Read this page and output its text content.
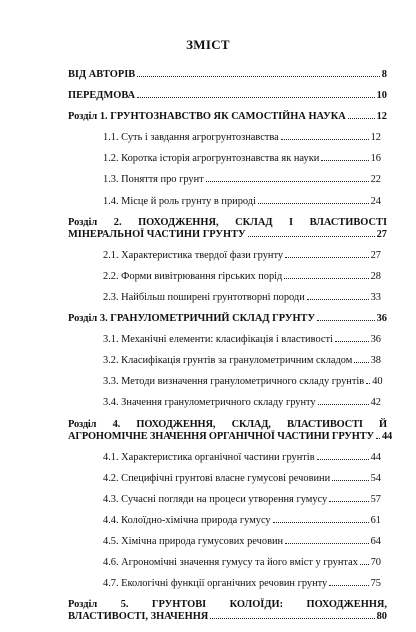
ЗМІСТ
ВІД АВТОРІВ	8
ПЕРЕДМОВА	10
Розділ 1. ГРУНТОЗНАВСТВО ЯК САМОСТІЙНА НАУКА	12
1.1. Суть і завдання агрогрунтознавства	12
1.2. Коротка історія агрогрунтознавства як науки	16
1.3. Поняття про грунт	22
1.4. Місце й роль грунту в природі	24
Розділ 2. ПОХОДЖЕННЯ, СКЛАД І ВЛАСТИВОСТІ
МІНЕРАЛЬНОЇ ЧАСТИНИ ГРУНТУ	27
2.1. Характеристика твердої фази грунту	27
2.2. Форми вивітрювання гірських порід	28
2.3. Найбільш поширені грунтотворні породи	33
Розділ 3. ГРАНУЛОМЕТРИЧНИЙ СКЛАД ГРУНТУ	36
3.1. Механічні елементи: класифікація і властивості	36
3.2. Класифікація грунтів за гранулометричним складом 38
3.3. Методи визначення гранулометричного складу грунтів 40
3.4. Значення гранулометричного складу грунту	42
Розділ 4. ПОХОДЖЕННЯ, СКЛАД, ВЛАСТИВОСТІ Й
АГРОНОМІЧНЕ ЗНАЧЕННЯ ОРГАНІЧНОЇ ЧАСТИНИ ГРУНТУ 44
4.1. Характеристика органічної частини грунтів	44
4.2. Специфічні грунтові власне гумусові речовини	54
4.3. Сучасні погляди на процеси утворення гумусу	57
4.4. Колоїдно-хімічна природа гумусу	61
4.5. Хімічна природа гумусових речовин	64
4.6. Агрономічні значення гумусу та його вміст у грунтах 70
4.7. Екологічні функції органічних речовин грунту	75
Розділ 5. ГРУНТОВІ КОЛОЇДИ: ПОХОДЖЕННЯ,
ВЛАСТИВОСТІ, ЗНАЧЕННЯ	80
